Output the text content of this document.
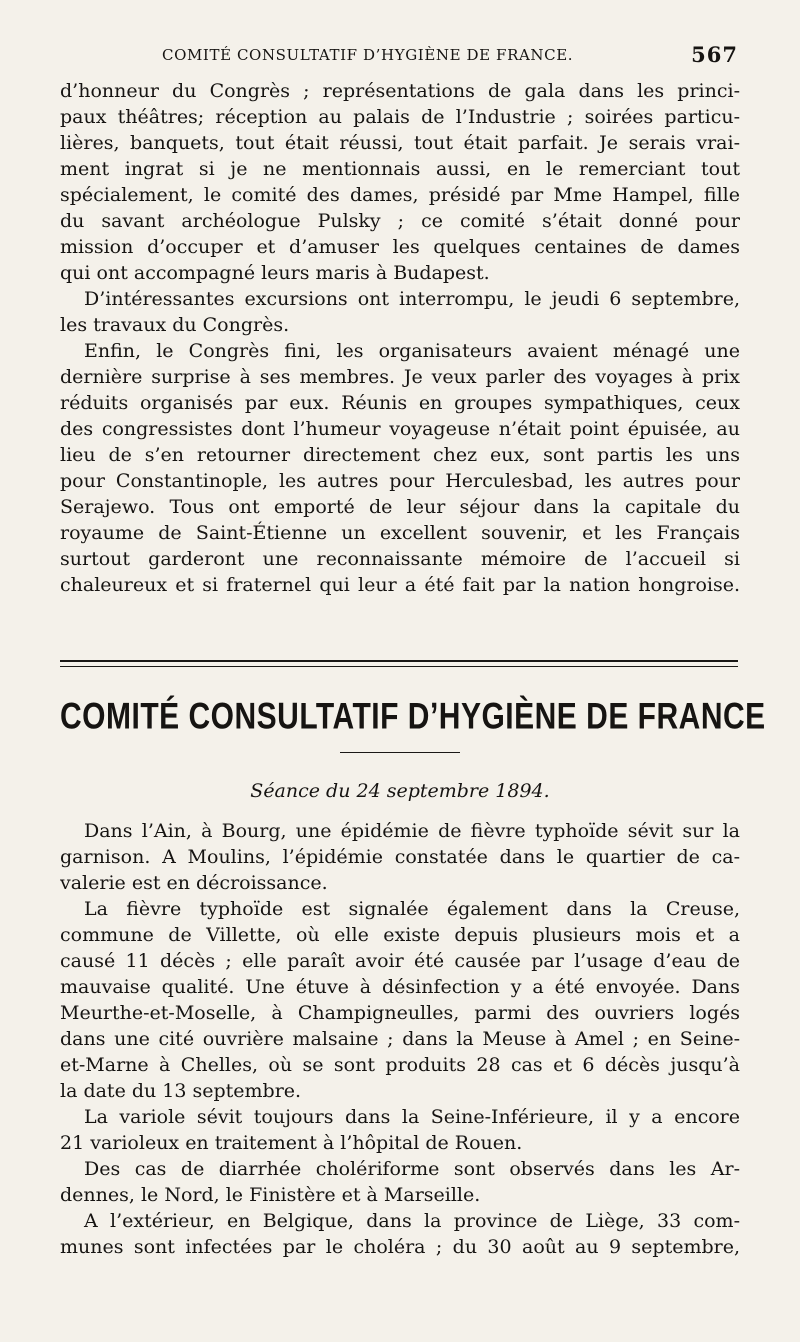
COMITÉ CONSULTATIF D’HYGIÈNE DE FRANCE.	567
d’honneur du Congrès ; représentations de gala dans les princi-
paux théâtres; réception au palais de l’Industrie ; soirées particu-
lières, banquets, tout était réussi, tout était parfait. Je serais vrai-
ment ingrat si je ne mentionnais aussi, en le remerciant tout
spécialement, le comité des dames, présidé par Mme Hampel, fille
du savant archéologue Pulsky ; ce comité s’était donné pour
mission d’occuper et d’amuser les quelques centaines de dames
qui ont accompagné leurs maris à Budapest.
D’intéressantes excursions ont interrompu, le jeudi 6 septembre,
les travaux du Congrès.
Enfin, le Congrès fini, les organisateurs avaient ménagé une
dernière surprise à ses membres. Je veux parler des voyages à prix
réduits organisés par eux. Réunis en groupes sympathiques, ceux
des congressistes dont l’humeur voyageuse n’était point épuisée, au
lieu de s’en retourner directement chez eux, sont partis les uns
pour Constantinople, les autres pour Herculesbad, les autres pour
Serajewo. Tous ont emporté de leur séjour dans la capitale du
royaume de Saint-Étienne un excellent souvenir, et les Français
surtout garderont une reconnaissante mémoire de l’accueil si
chaleureux et si fraternel qui leur a été fait par la nation hongroise.
COMITÉ CONSULTATIF D’HYGIÈNE DE FRANCE
Séance du 24 septembre 1894.
Dans l’Ain, à Bourg, une épidémie de fièvre typhoïde sévit sur la
garnison. A Moulins, l’épidémie constatée dans le quartier de ca-
valerie est en décroissance.
La fièvre typhoïde est signalée également dans la Creuse,
commune de Villette, où elle existe depuis plusieurs mois et a
causé 11 décès ; elle paraît avoir été causée par l’usage d’eau de
mauvaise qualité. Une étuve à désinfection y a été envoyée. Dans
Meurthe-et-Moselle, à Champigneulles, parmi des ouvriers logés
dans une cité ouvrière malsaine ; dans la Meuse à Amel ; en Seine-
et-Marne à Chelles, où se sont produits 28 cas et 6 décès jusqu’à
la date du 13 septembre.
La variole sévit toujours dans la Seine-Inférieure, il y a encore
21 varioleux en traitement à l’hôpital de Rouen.
Des cas de diarrhée cholériforme sont observés dans les Ar-
dennes, le Nord, le Finistère et à Marseille.
A l’extérieur, en Belgique, dans la province de Liège, 33 com-
munes sont infectées par le choléra ; du 30 août au 9 septembre,
